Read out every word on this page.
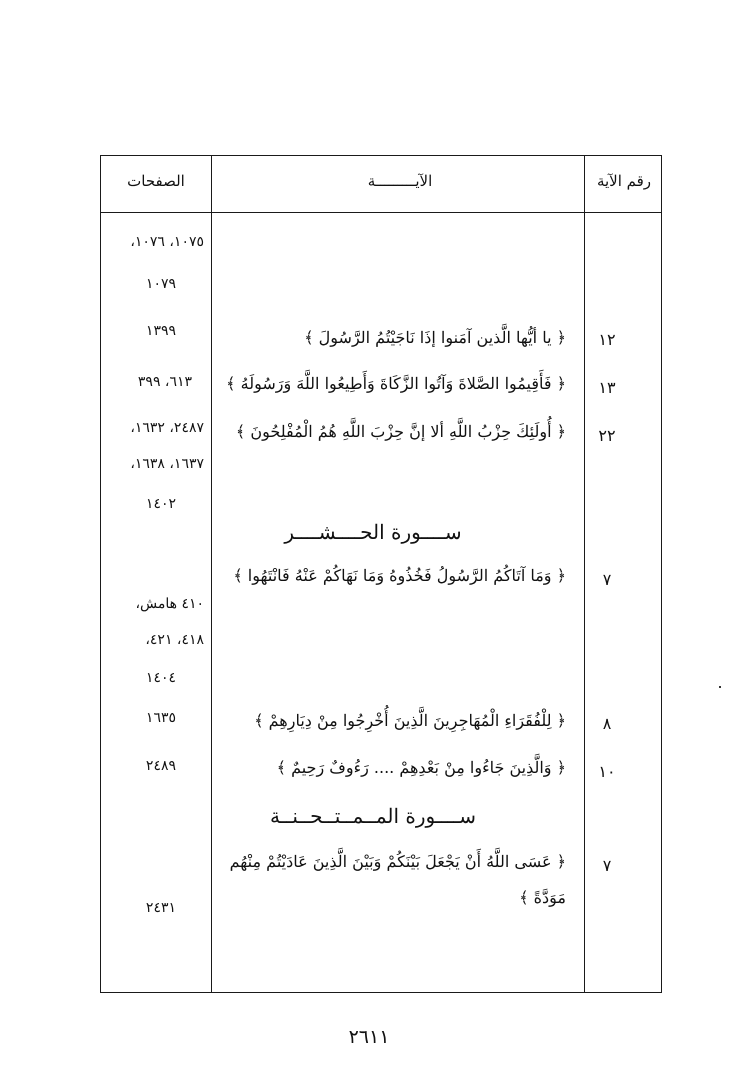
الصفحات	الآيـــــــــة	رقم الآية
١٠٧٥، ١٠٧٦،
١٠٧٩
١٢
﴿ يا أيُّها الَّذين آمَنوا إذَا نَاجَيْتُمُ الرَّسُولَ ﴾
١٣٩٩
١٣
﴿ فَأَقِيمُوا الصَّلاةَ وَآتُوا الزَّكَاةَ وَأَطِيعُوا اللَّهَ وَرَسُولَهُ ﴾
٦١٣، ٣٩٩
٢٢
﴿ أُولَئِكَ حِزْبُ اللَّهِ ألا إنَّ حِزْبَ اللَّهِ هُمُ الْمُفْلِحُونَ ﴾
٢٤٨٧، ١٦٣٢،
١٦٣٧، ١٦٣٨،
١٤٠٢
ســــورة الحــــشــــر
٧
﴿ وَمَا آتَاكُمُ الرَّسُولُ فَخُذُوهُ وَمَا نَهَاكُمْ عَنْهُ فَانْتَهُوا ﴾
٤١٠ هامش،
٤١٨، ٤٢١،
١٤٠٤
٨
﴿ لِلْفُقَرَاءِ الْمُهَاجِرِينَ الَّذِينَ أُخْرِجُوا مِنْ دِيَارِهِمْ ﴾
١٦٣٥
١٠
﴿ وَالَّذِينَ جَاءُوا مِنْ بَعْدِهِمْ .... رَءُوفٌ رَحِيمٌ ﴾
٢٤٨٩
ســــورة المــمــتــحــنــة
٧
﴿ عَسَى اللَّهُ أَنْ يَجْعَلَ بَيْنَكُمْ وَبَيْنَ الَّذِينَ عَادَيْتُمْ مِنْهُم
مَوَدَّةً ﴾
٢٤٣١
٢٦١١
